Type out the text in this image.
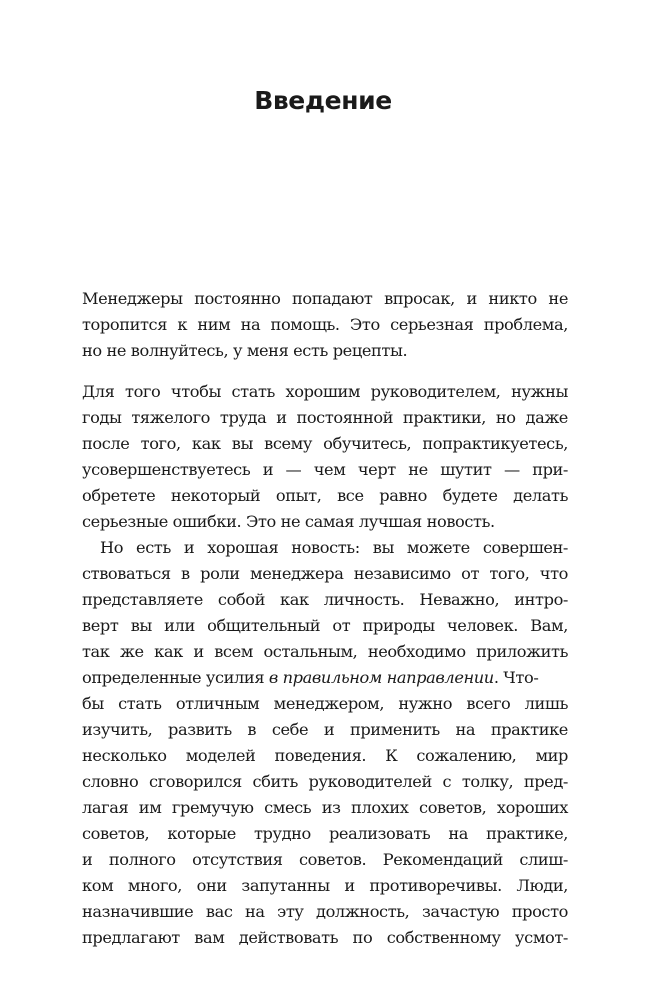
Введение
Менеджеры постоянно попадают впросак, и никто не
торопится к ним на помощь. Это серьезная проблема,
но не волнуйтесь, у меня есть рецепты.
Для того чтобы стать хорошим руководителем, нужны
годы тяжелого труда и постоянной практики, но даже
после того, как вы всему обучитесь, попрактикуетесь,
усовершенствуетесь и — чем черт не шутит — при-
обретете некоторый опыт, все равно будете делать
серьезные ошибки. Это не самая лучшая новость.
Но есть и хорошая новость: вы можете совершен-
ствоваться в роли менеджера независимо от того, что
представляете собой как личность. Неважно, интро-
верт вы или общительный от природы человек. Вам,
так же как и всем остальным, необходимо приложить
определенные усилия в правильном направлении. Что-
бы стать отличным менеджером, нужно всего лишь
изучить, развить в себе и применить на практике
несколько моделей поведения. К сожалению, мир
словно сговорился сбить руководителей с толку, пред-
лагая им гремучую смесь из плохих советов, хороших
советов, которые трудно реализовать на практике,
и полного отсутствия советов. Рекомендаций слиш-
ком много, они запутанны и противоречивы. Люди,
назначившие вас на эту должность, зачастую просто
предлагают вам действовать по собственному усмот-
